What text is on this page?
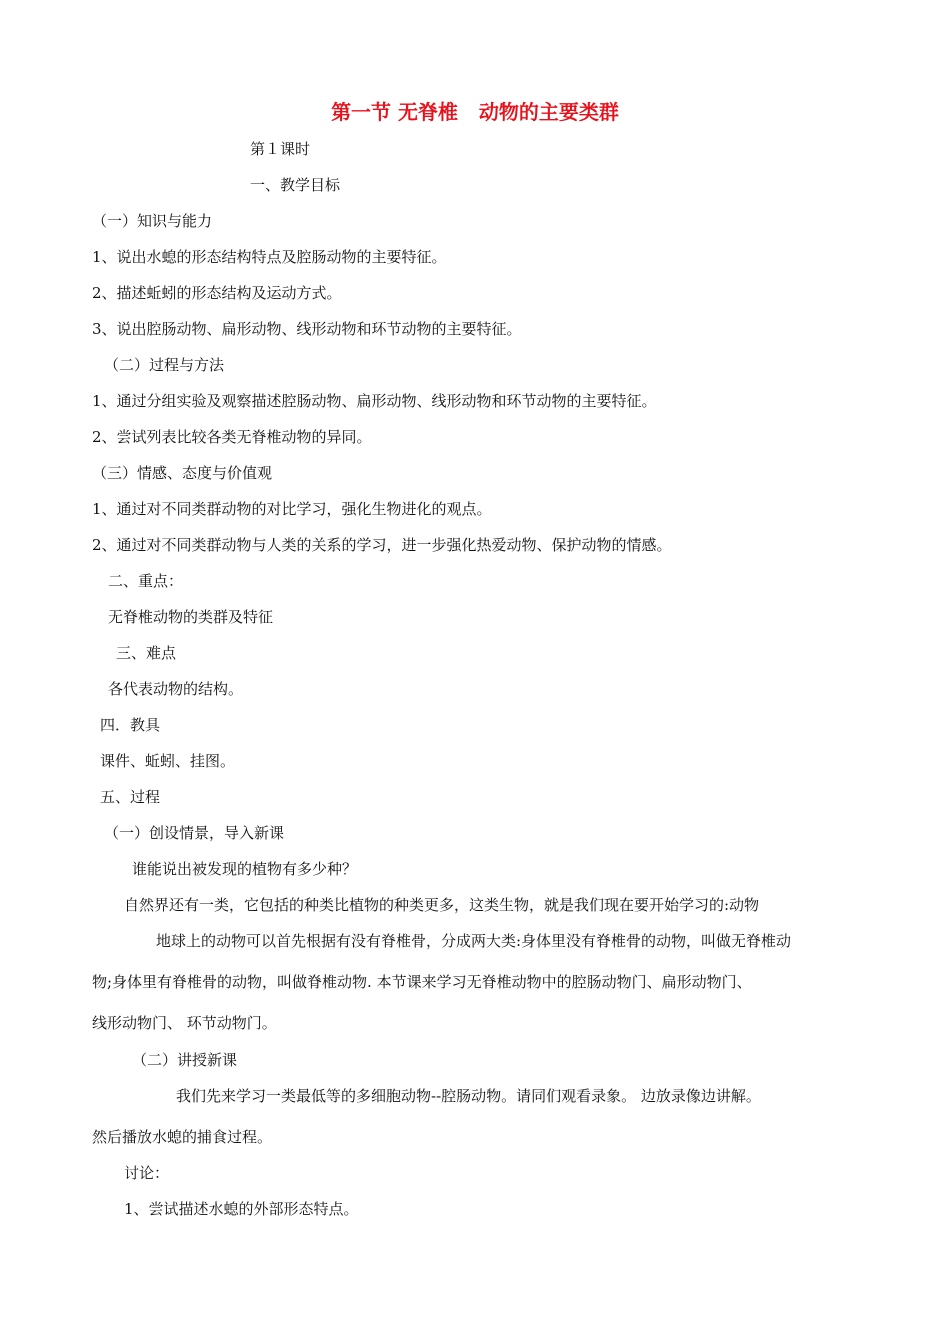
第一节 无脊椎   动物的主要类群
第１课时
一、教学目标
（一）知识与能力
1、说出水螅的形态结构特点及腔肠动物的主要特征。
2、描述蚯蚓的形态结构及运动方式。
3、说出腔肠动物、扁形动物、线形动物和环节动物的主要特征。
（二）过程与方法
1、通过分组实验及观察描述腔肠动物、扁形动物、线形动物和环节动物的主要特征。
2、尝试列表比较各类无脊椎动物的异同。
（三）情感、态度与价值观
1、通过对不同类群动物的对比学习，强化生物进化的观点。
2、通过对不同类群动物与人类的关系的学习，进一步强化热爱动物、保护动物的情感。
二、重点：
无脊椎动物的类群及特征
三、难点
各代表动物的结构。
四．教具
课件、蚯蚓、挂图。
五、过程
（一）创设情景，导入新课
谁能说出被发现的植物有多少种？
自然界还有一类，它包括的种类比植物的种类更多，这类生物，就是我们现在要开始学习的:动物
地球上的动物可以首先根据有没有脊椎骨，分成两大类:身体里没有脊椎骨的动物，叫做无脊椎动
物;身体里有脊椎骨的动物，叫做脊椎动物. 本节课来学习无脊椎动物中的腔肠动物门、扁形动物门、
线形动物门、 环节动物门。
（二）讲授新课
我们先来学习一类最低等的多细胞动物--腔肠动物。请同们观看录象。 边放录像边讲解。
然后播放水螅的捕食过程。
讨论：
1、尝试描述水螅的外部形态特点。
